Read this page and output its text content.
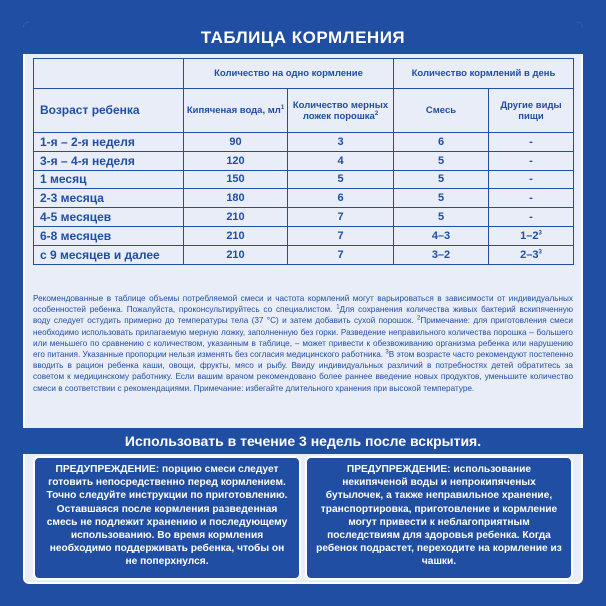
ТАБЛИЦА КОРМЛЕНИЯ
	Количество на одно кормление		Количество кормлений в день	
Возраст ребенка	Кипяченая вода, $мл^1$	Количество мерных ложек порошка$^2$	Смесь	Другие виды пищи
1-я – 2-я неделя	90	3	6	-
3-я – 4-я неделя	120	4	5	-
1 месяц	150	5	5	-
2-3 месяца	180	6	5	-
4-5 месяцев	210	7	5	-
6-8 месяцев	210	7	4–3	$1-2^3$
с 9 месяцев и далее	210	7	3–2	$2-3^3$
Рекомендованные в таблице объемы потребляемой смеси и частота кормлений могут варьироваться в зависимости от индивидуальных особенностей ребенка. Пожалуйста, проконсультируйтесь со специалистом. $^1$Для сохранения количества живых бактерий вскипяченную воду следует остудить примерно до температуры тела (37 °С) и затем добавить сухой порошок. $^2$Примечание: для приготовления смеси необходимо использовать прилагаемую мерную ложку, заполненную без горки. Разведение неправильного количества порошка – большего или меньшего по сравнению с количеством, указанным в таблице, – может привести к обезвоживанию организма ребенка или нарушению его питания. Указанные пропорции нельзя изменять без согласия медицинского работника. $^3$В этом возрасте часто рекомендуют постепенно вводить в рацион ребенка каши, овощи, фрукты, мясо и рыбу. Ввиду индивидуальных различий в потребностях детей обратитесь за советом к медицинскому работнику. Если вашим врачом рекомендовано более раннее введение новых продуктов, уменьшите количество смеси в соответствии с рекомендациями. Примечание: избегайте длительного хранения при высокой температуре.
Использовать в течение 3 недель после вскрытия.
ПРЕДУПРЕЖДЕНИЕ: порцию смеси следует готовить непосредственно перед кормлением. Точно следуйте инструкции по приготовлению. Оставшаяся после кормления разведенная смесь не подлежит хранению и последующему использованию. Во время кормления необходимо поддерживать ребенка, чтобы он не поперхнулся.
ПРЕДУПРЕЖДЕНИЕ: использование некипяченой воды и непрокипяченых бутылочек, а также неправильное хранение, транспортировка, приготовление и кормление могут привести к неблагоприятным последствиям для здоровья ребенка. Когда ребенок подрастет, переходите на кормление из чашки.
